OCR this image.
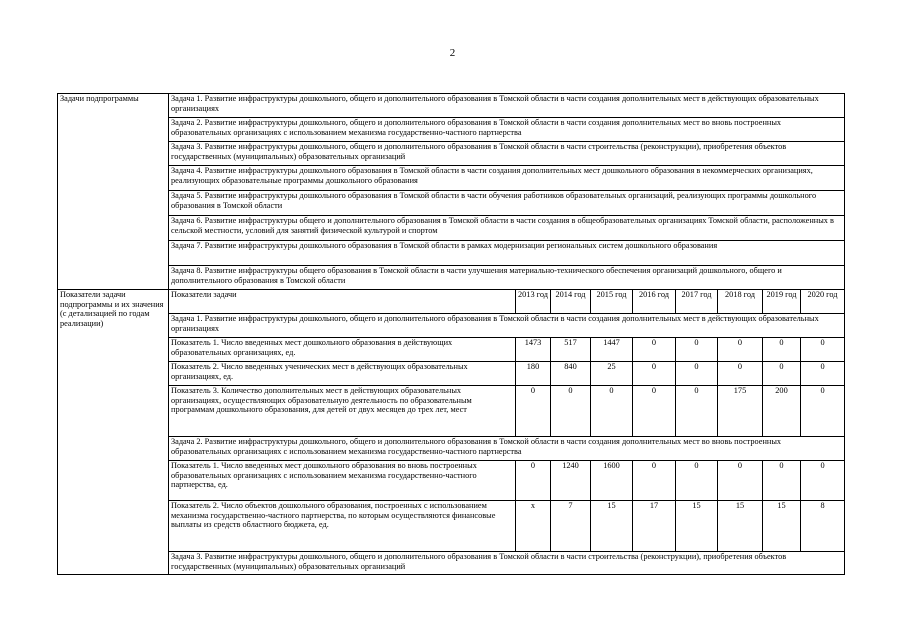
2
Задачи подпрограммы	Задача 1. Развитие инфраструктуры дошкольного, общего и дополнительного образования в Томской области в части создания дополнительных мест в действующих образовательных организациях								
	Задача 2. Развитие инфраструктуры дошкольного, общего и дополнительного образования в Томской области в части создания дополнительных мест во вновь построенных образовательных организациях с использованием механизма государственно-частного партнерства								
	Задача 3. Развитие инфраструктуры дошкольного, общего и дополнительного образования в Томской области в части строительства (реконструкции), приобретения объектов государственных (муниципальных) образовательных организаций								
	Задача 4. Развитие инфраструктуры дошкольного образования в Томской области в части создания дополнительных мест дошкольного образования в некоммерческих организациях, реализующих образовательные программы дошкольного образования								
	Задача 5. Развитие инфраструктуры дошкольного образования в Томской области в части обучения работников образовательных организаций, реализующих программы дошкольного образования в Томской области								
	Задача 6. Развитие инфраструктуры общего и дополнительного образования в Томской области в части создания в общеобразовательных организациях Томской области, расположенных в сельской местности, условий для занятий физической культурой и спортом								
	Задача 7. Развитие инфраструктуры дошкольного образования в Томской области в рамках модернизации региональных систем дошкольного образования								
	Задача 8. Развитие инфраструктуры общего образования в Томской области в части улучшения материально-технического обеспечения организаций дошкольного, общего и дополнительного образования в Томской области								
Показатели задачи подпрограммы и их значения (с детализацией по годам реализации)	Показатели задачи	2013 год	2014 год	2015 год	2016 год	2017 год	2018 год	2019 год	2020 год
	Задача 1. Развитие инфраструктуры дошкольного, общего и дополнительного образования в Томской области в части создания дополнительных мест в действующих образовательных организациях								
	Показатель 1. Число введенных мест дошкольного образования в действующих образовательных организациях, ед.	1473	517	1447	0	0	0	0	0
	Показатель 2. Число введенных ученических мест в действующих образовательных организациях, ед.	180	840	25	0	0	0	0	0
	Показатель 3. Количество дополнительных мест в действующих образовательных организациях, осуществляющих образовательную деятельность по образовательным программам дошкольного образования, для детей от двух месяцев до трех лет, мест	0	0	0	0	0	175	200	0
	Задача 2. Развитие инфраструктуры дошкольного, общего и дополнительного образования в Томской области в части создания дополнительных мест во вновь построенных образовательных организациях с использованием механизма государственно-частного партнерства								
	Показатель 1. Число введенных мест дошкольного образования во вновь построенных образовательных организациях с использованием механизма государственно-частного партнерства, ед.	0	1240	1600	0	0	0	0	0
	Показатель 2. Число объектов дошкольного образования, построенных с использованием механизма государственно-частного партнерства, по которым осуществляются финансовые выплаты из средств областного бюджета, ед.	х	7	15	17	15	15	15	8
	Задача 3. Развитие инфраструктуры дошкольного, общего и дополнительного образования в Томской области в части строительства (реконструкции), приобретения объектов государственных (муниципальных) образовательных организаций								
